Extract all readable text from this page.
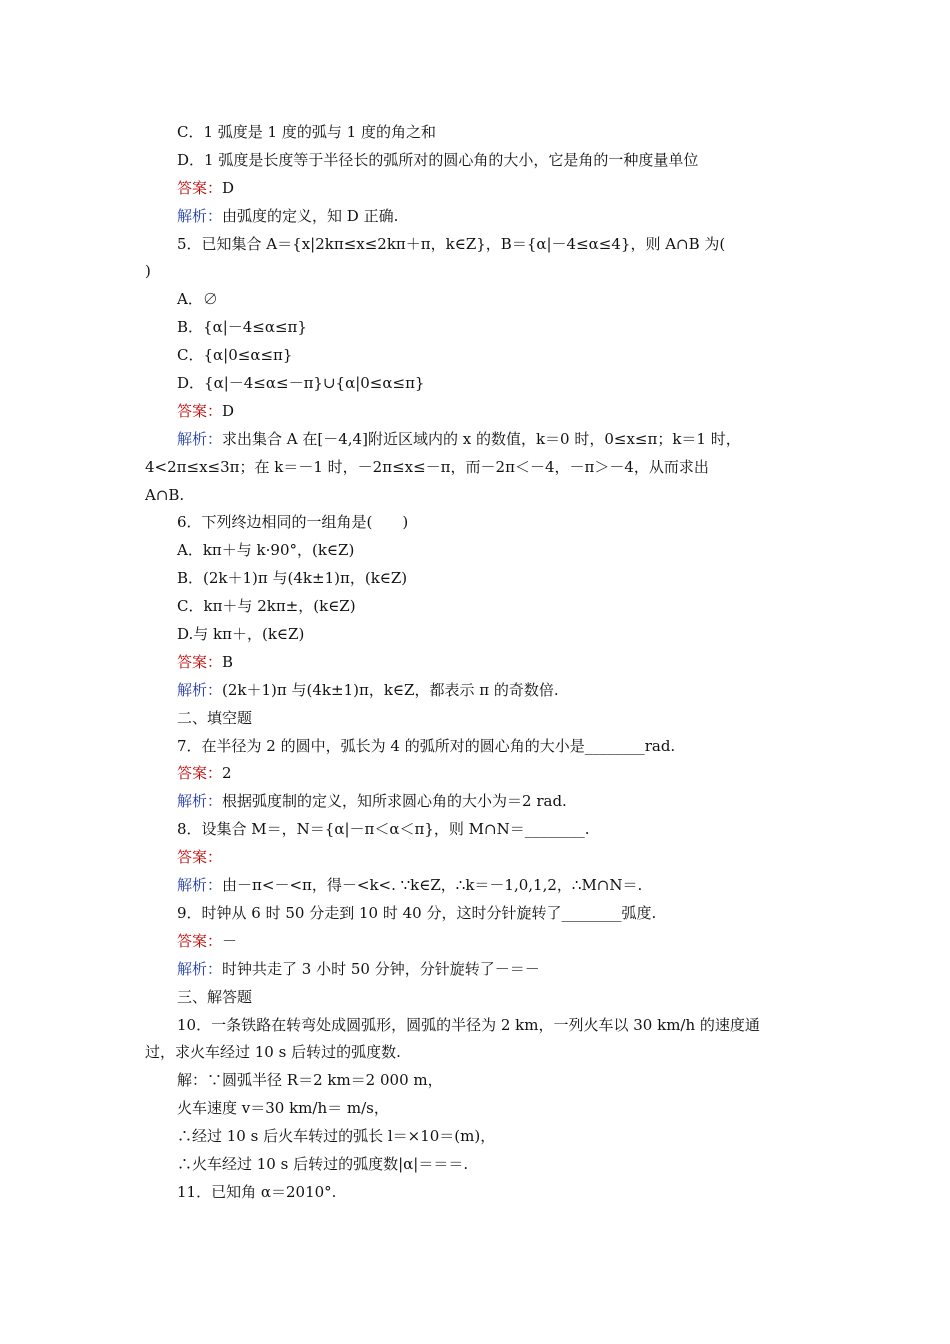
C．1 弧度是 1 度的弧与 1 度的角之和
D．1 弧度是长度等于半径长的弧所对的圆心角的大小，它是角的一种度量单位
答案：D
解析：由弧度的定义，知 D 正确.
5．已知集合 A＝{x|2kπ≤x≤2kπ＋π，k∈Z}，B＝{α|－4≤α≤4}，则 A∩B 为(
)
A．∅
B．{α|－4≤α≤π}
C．{α|0≤α≤π}
D．{α|－4≤α≤－π}∪{α|0≤α≤π}
答案：D
解析：求出集合 A 在[－4,4]附近区域内的 x 的数值，k＝0 时，0≤x≤π；k＝1 时，
4<2π≤x≤3π；在 k＝－1 时，－2π≤x≤－π，而－2π＜－4，－π＞－4，从而求出
A∩B.
6．下列终边相同的一组角是(　　)
A．kπ＋与 k·90°，(k∈Z)
B．(2k＋1)π 与(4k±1)π，(k∈Z)
C．kπ＋与 2kπ±，(k∈Z)
D.与 kπ＋，(k∈Z)
答案：B
解析：(2k＋1)π 与(4k±1)π，k∈Z，都表示 π 的奇数倍.
二、填空题
7．在半径为 2 的圆中，弧长为 4 的弧所对的圆心角的大小是________rad.
答案：2
解析：根据弧度制的定义，知所求圆心角的大小为＝2 rad.
8．设集合 M＝，N＝{α|－π＜α＜π}，则 M∩N＝________.
答案：
解析：由－π<－<π，得－<k<. ∵k∈Z，∴k＝－1,0,1,2，∴M∩N＝.
9．时钟从 6 时 50 分走到 10 时 40 分，这时分针旋转了________弧度.
答案：－
解析：时钟共走了 3 小时 50 分钟，分针旋转了－＝－
三、解答题
10．一条铁路在转弯处成圆弧形，圆弧的半径为 2 km，一列火车以 30 km/h 的速度通
过，求火车经过 10 s 后转过的弧度数.
解：∵圆弧半径 R＝2 km＝2 000 m，
火车速度 v＝30 km/h＝ m/s，
∴经过 10 s 后火车转过的弧长 l＝×10＝(m)，
∴火车经过 10 s 后转过的弧度数|α|＝＝＝.
11．已知角 α＝2010°.
